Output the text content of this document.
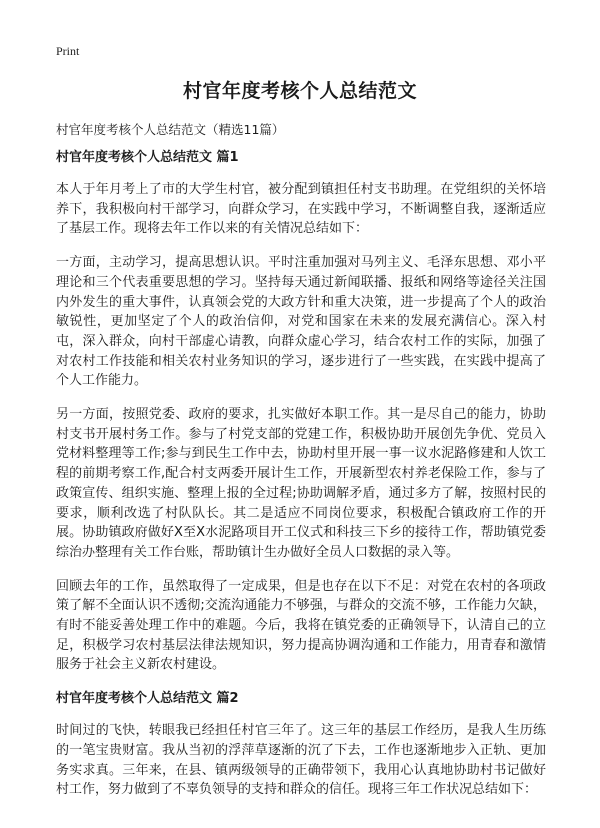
Print
村官年度考核个人总结范文

村官年度考核个人总结范文（精选11篇）

村官年度考核个人总结范文 篇1

本人于年月考上了市的大学生村官，被分配到镇担任村支书助理。在党组织的关怀培养下，我积极向村干部学习，向群众学习，在实践中学习，不断调整自我，逐渐适应了基层工作。现将去年工作以来的有关情况总结如下：

一方面，主动学习，提高思想认识。平时注重加强对马列主义、毛泽东思想、邓小平理论和三个代表重要思想的学习。坚持每天通过新闻联播、报纸和网络等途径关注国内外发生的重大事件，认真领会党的大政方针和重大决策，进一步提高了个人的政治敏锐性，更加坚定了个人的政治信仰，对党和国家在未来的发展充满信心。深入村屯，深入群众，向村干部虚心请教，向群众虚心学习，结合农村工作的实际，加强了对农村工作技能和相关农村业务知识的学习，逐步进行了一些实践，在实践中提高了个人工作能力。

另一方面，按照党委、政府的要求，扎实做好本职工作。其一是尽自己的能力，协助村支书开展村务工作。参与了村党支部的党建工作，积极协助开展创先争优、党员入党材料整理等工作;参与到民生工作中去，协助村里开展一事一议水泥路修建和人饮工程的前期考察工作,配合村支两委开展计生工作，开展新型农村养老保险工作，参与了政策宣传、组织实施、整理上报的全过程;协助调解矛盾，通过多方了解，按照村民的要求，顺利改选了村队队长。其二是适应不同岗位要求，积极配合镇政府工作的开展。协助镇政府做好X至X水泥路项目开工仪式和科技三下乡的接待工作，帮助镇党委综治办整理有关工作台账，帮助镇计生办做好全员人口数据的录入等。

回顾去年的工作，虽然取得了一定成果，但是也存在以下不足：对党在农村的各项政策了解不全面认识不透彻;交流沟通能力不够强，与群众的交流不够，工作能力欠缺，有时不能妥善处理工作中的难题。今后，我将在镇党委的正确领导下，认清自己的立足，积极学习农村基层法律法规知识，努力提高协调沟通和工作能力，用青春和激情服务于社会主义新农村建设。

村官年度考核个人总结范文 篇2

时间过的飞快，转眼我已经担任村官三年了。这三年的基层工作经历，是我人生历练的一笔宝贵财富。我从当初的浮萍草逐渐的沉了下去，工作也逐渐地步入正轨、更加务实求真。三年来，在县、镇两级领导的正确带领下，我用心认真地协助村书记做好村工作，努力做到了不辜负领导的支持和群众的信任。现将三年工作状况总结如下：
